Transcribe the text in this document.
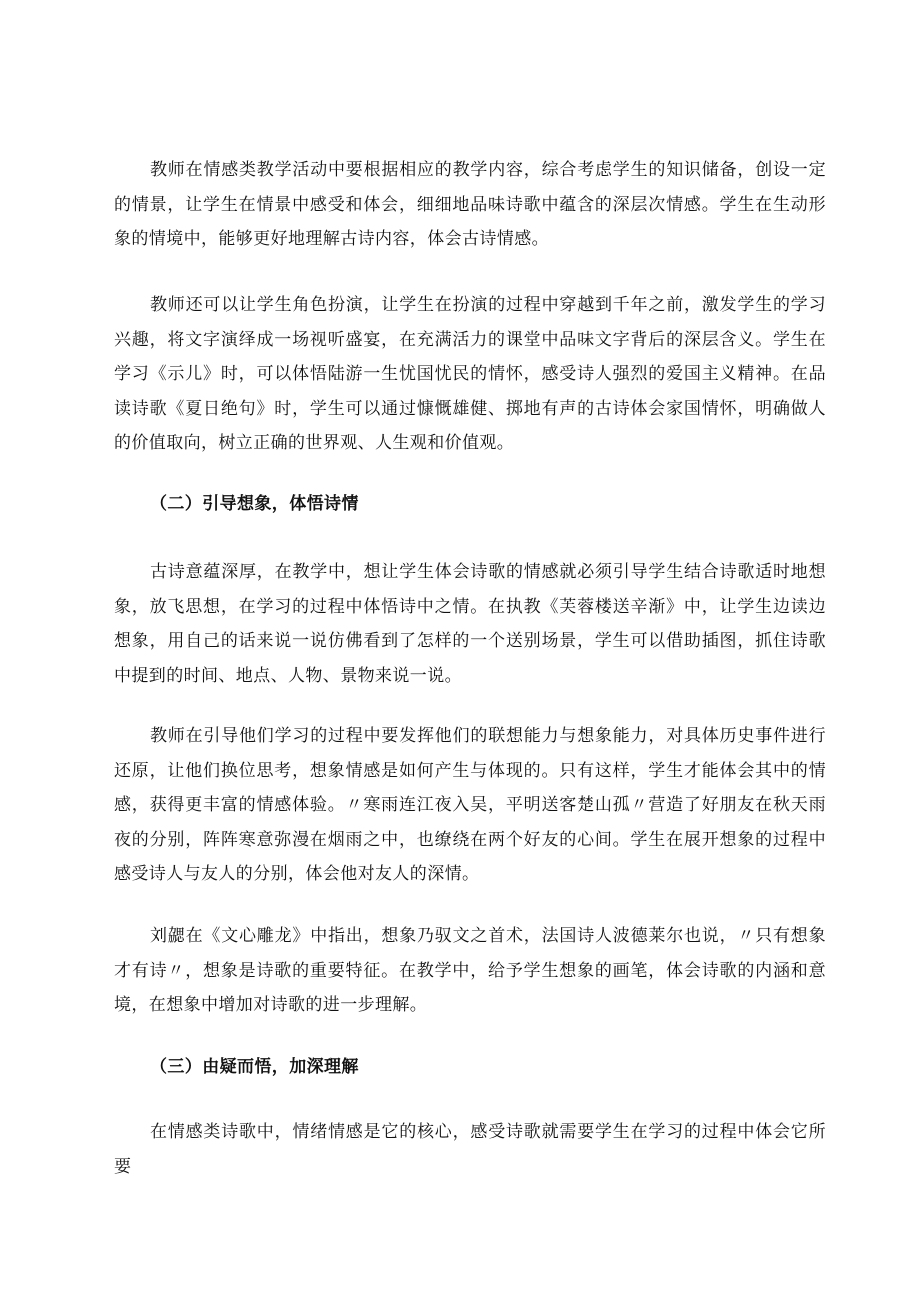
教师在情感类教学活动中要根据相应的教学内容，综合考虑学生的知识储备，创设一定的情景，让学生在情景中感受和体会，细细地品味诗歌中蕴含的深层次情感。学生在生动形象的情境中，能够更好地理解古诗内容，体会古诗情感。

教师还可以让学生角色扮演，让学生在扮演的过程中穿越到千年之前，激发学生的学习兴趣，将文字演绎成一场视听盛宴，在充满活力的课堂中品味文字背后的深层含义。学生在学习《示儿》时，可以体悟陆游一生忧国忧民的情怀，感受诗人强烈的爱国主义精神。在品读诗歌《夏日绝句》时，学生可以通过慷慨雄健、掷地有声的古诗体会家国情怀，明确做人的价值取向，树立正确的世界观、人生观和价值观。

（二）引导想象，体悟诗情

古诗意蕴深厚，在教学中，想让学生体会诗歌的情感就必须引导学生结合诗歌适时地想象，放飞思想，在学习的过程中体悟诗中之情。在执教《芙蓉楼送辛渐》中，让学生边读边想象，用自己的话来说一说仿佛看到了怎样的一个送别场景，学生可以借助插图，抓住诗歌中提到的时间、地点、人物、景物来说一说。

教师在引导他们学习的过程中要发挥他们的联想能力与想象能力，对具体历史事件进行还原，让他们换位思考，想象情感是如何产生与体现的。只有这样，学生才能体会其中的情感，获得更丰富的情感体验。〃寒雨连江夜入吴，平明送客楚山孤〃营造了好朋友在秋天雨夜的分别，阵阵寒意弥漫在烟雨之中，也缭绕在两个好友的心间。学生在展开想象的过程中感受诗人与友人的分别，体会他对友人的深情。

刘勰在《文心雕龙》中指出，想象乃驭文之首术，法国诗人波德莱尔也说，〃只有想象才有诗〃，想象是诗歌的重要特征。在教学中，给予学生想象的画笔，体会诗歌的内涵和意境，在想象中增加对诗歌的进一步理解。

（三）由疑而悟，加深理解

在情感类诗歌中，情绪情感是它的核心，感受诗歌就需要学生在学习的过程中体会它所要
